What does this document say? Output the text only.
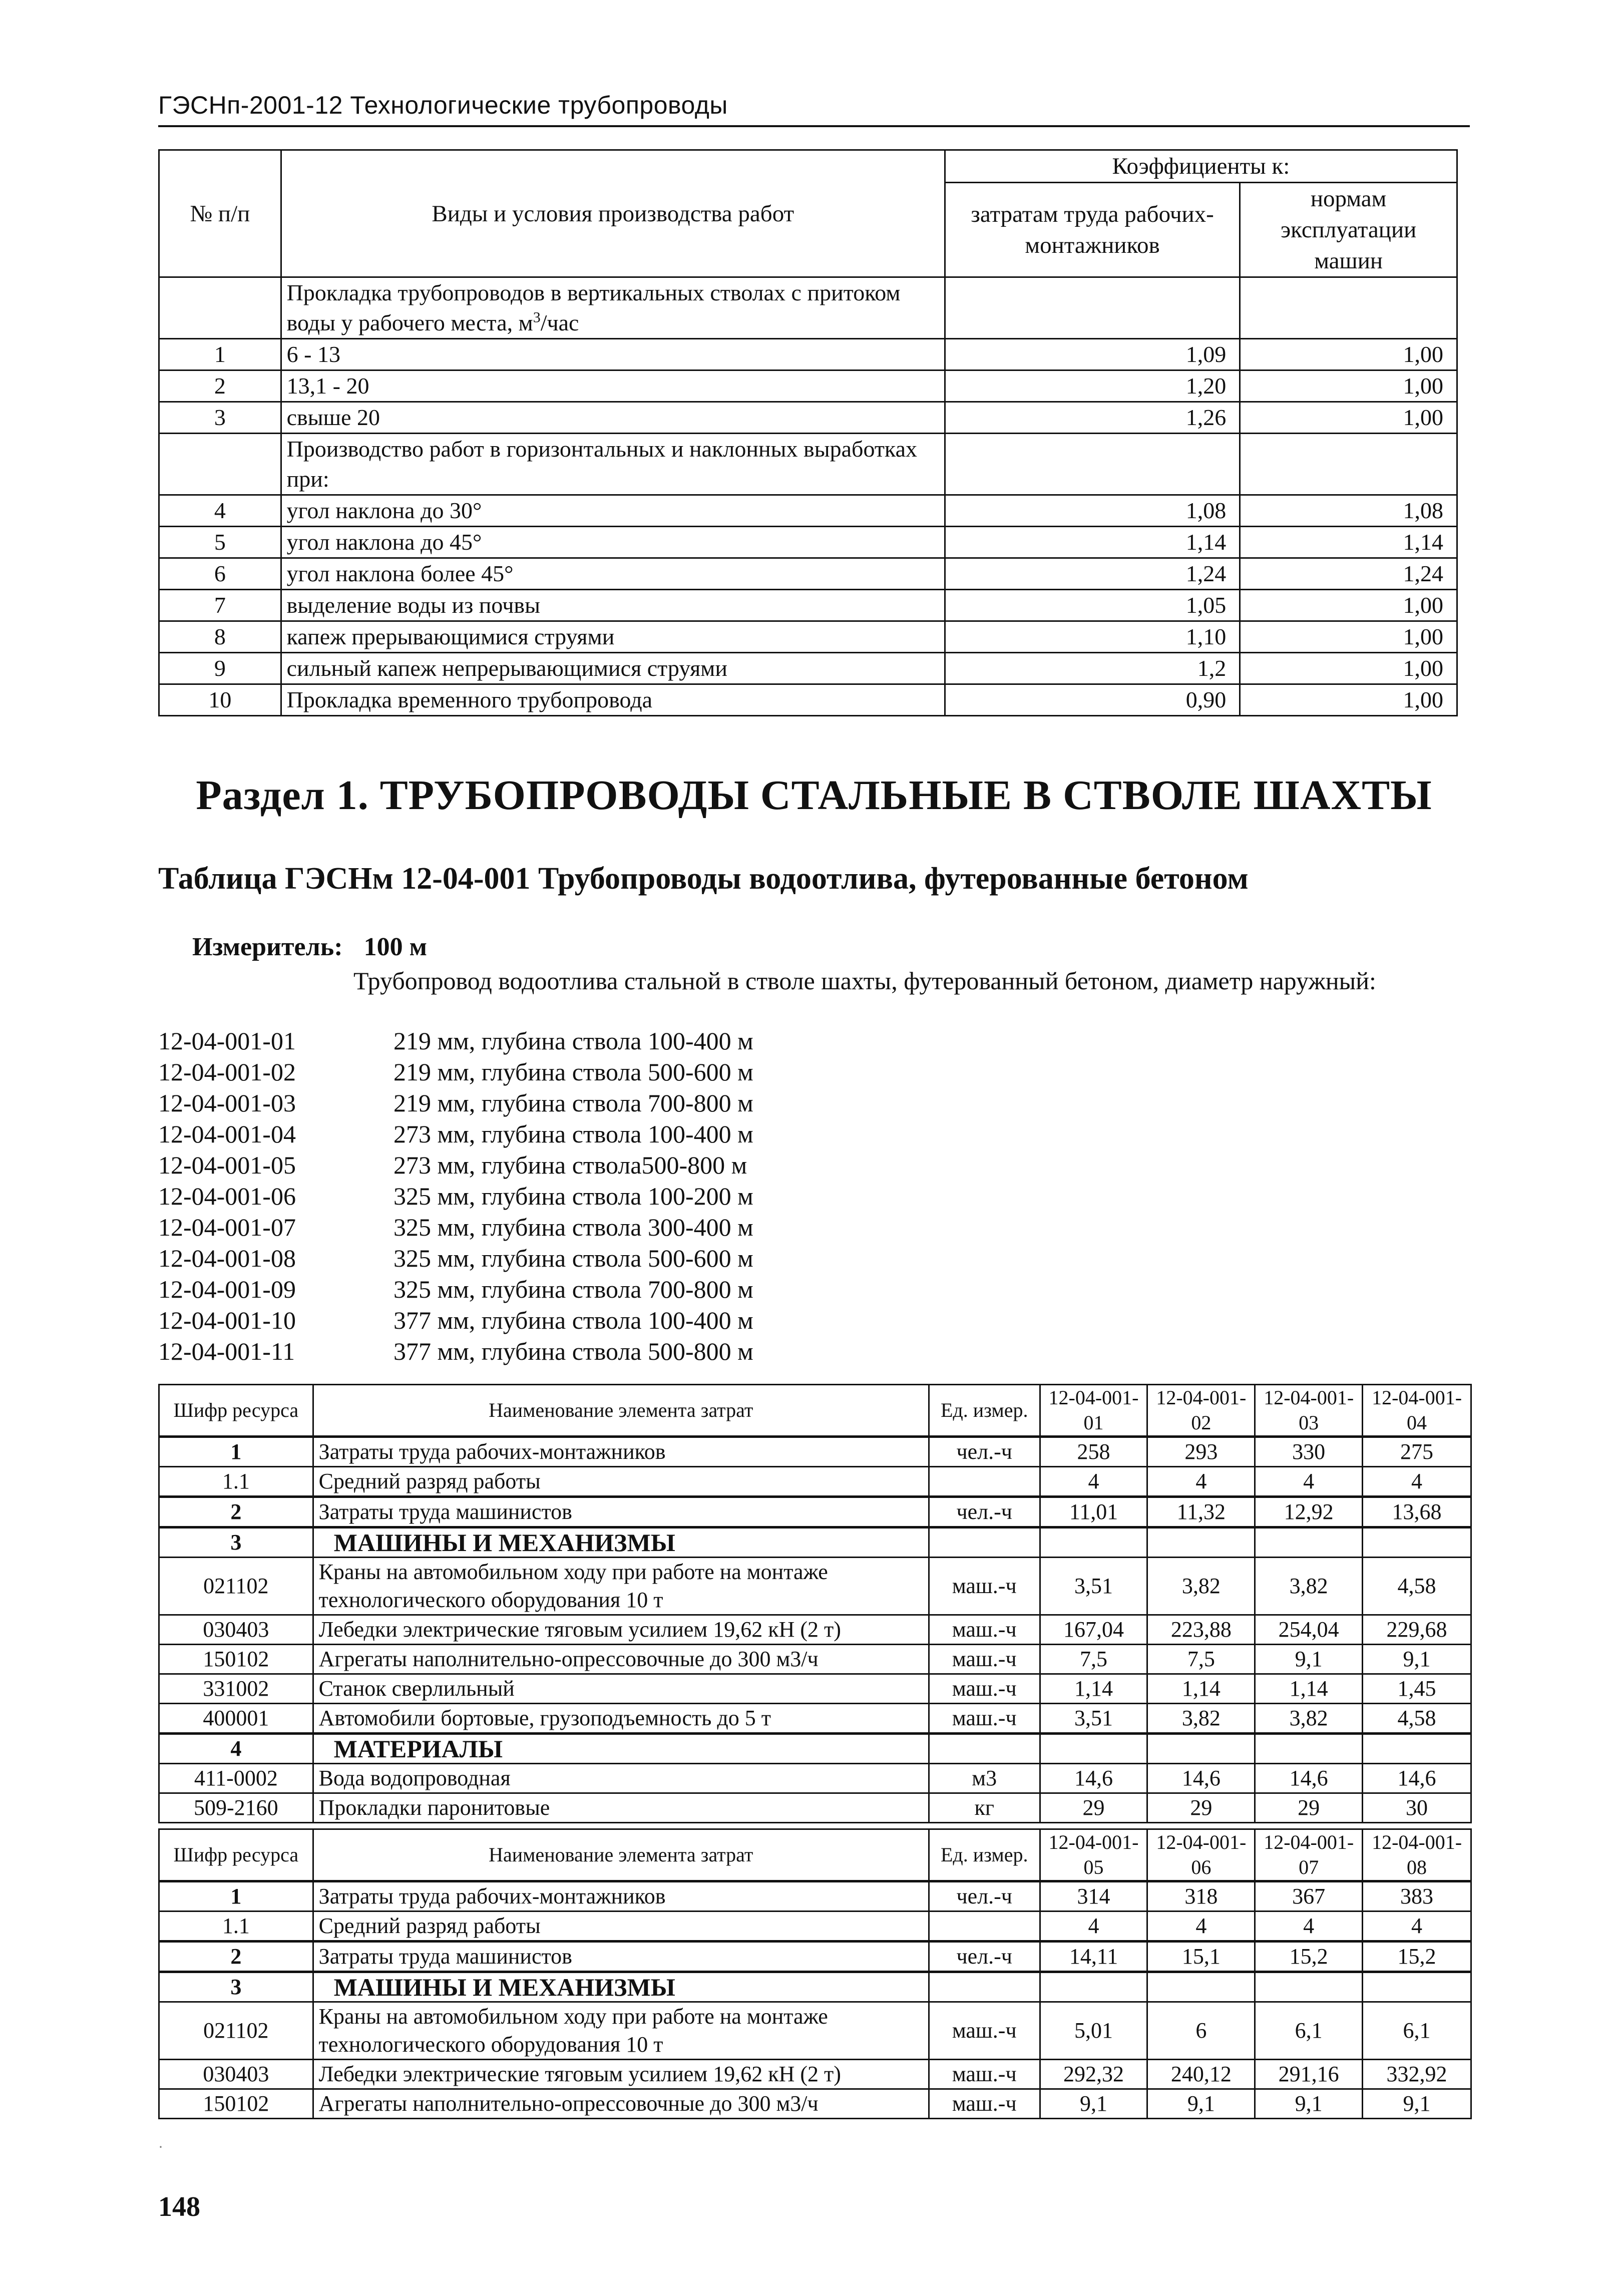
ГЭСНп-2001-12 Технологические трубопроводы
№ п/п	Виды и условия производства работ	Коэффициенты к:	
		затратам труда рабочих-монтажников	нормам эксплуатации машин
	Прокладка трубопроводов в вертикальных стволах с притоком воды у рабочего места, $м^3$/час		
1	6 - 13	1,09	1,00
2	13,1 - 20	1,20	1,00
3	свыше 20	1,26	1,00
	Производство работ в горизонтальных и наклонных выработках при:		
4	угол наклона до 30°	1,08	1,08
5	угол наклона до 45°	1,14	1,14
6	угол наклона более 45°	1,24	1,24
7	выделение воды из почвы	1,05	1,00
8	капеж прерывающимися струями	1,10	1,00
9	сильный капеж непрерывающимися струями	1,2	1,00
10	Прокладка временного трубопровода	0,90	1,00
Раздел 1. ТРУБОПРОВОДЫ СТАЛЬНЫЕ В СТВОЛЕ ШАХТЫ
Таблица ГЭСНм 12-04-001 Трубопроводы водоотлива, футерованные бетоном
Измеритель: 100 м
Трубопровод водоотлива стальной в стволе шахты, футерованный бетоном, диаметр наружный:
12-04-001-01	219 мм, глубина ствола 100-400 м
12-04-001-02	219 мм, глубина ствола 500-600 м
12-04-001-03	219 мм, глубина ствола 700-800 м
12-04-001-04	273 мм, глубина ствола 100-400 м
12-04-001-05	273 мм, глубина ствола500-800 м
12-04-001-06	325 мм, глубина ствола 100-200 м
12-04-001-07	325 мм, глубина ствола 300-400 м
12-04-001-08	325 мм, глубина ствола 500-600 м
12-04-001-09	325 мм, глубина ствола 700-800 м
12-04-001-10	377 мм, глубина ствола 100-400 м
12-04-001-11	377 мм, глубина ствола 500-800 м
Шифр ресурса	Наименование элемента затрат	Ед. измер.	12-04-001-01	12-04-001-02	12-04-001-03	12-04-001-04
1	Затраты труда рабочих-монтажников	чел.-ч	258	293	330	275
1.1	Средний разряд работы		4	4	4	4
2	Затраты труда машинистов	чел.-ч	11,01	11,32	12,92	13,68
3	МАШИНЫ И МЕХАНИЗМЫ					
021102	Краны на автомобильном ходу при работе на монтаже технологического оборудования 10 т	маш.-ч	3,51	3,82	3,82	4,58
030403	Лебедки электрические тяговым усилием 19,62 кН (2 т)	маш.-ч	167,04	223,88	254,04	229,68
150102	Агрегаты наполнительно-опрессовочные до 300 м3/ч	маш.-ч	7,5	7,5	9,1	9,1
331002	Станок сверлильный	маш.-ч	1,14	1,14	1,14	1,45
400001	Автомобили бортовые, грузоподъемность до 5 т	маш.-ч	3,51	3,82	3,82	4,58
4	МАТЕРИАЛЫ					
411-0002	Вода водопроводная	м3	14,6	14,6	14,6	14,6
509-2160	Прокладки паронитовые	кг	29	29	29	30
Шифр ресурса	Наименование элемента затрат	Ед. измер.	12-04-001-05	12-04-001-06	12-04-001-07	12-04-001-08
1	Затраты труда рабочих-монтажников	чел.-ч	314	318	367	383
1.1	Средний разряд работы		4	4	4	4
2	Затраты труда машинистов	чел.-ч	14,11	15,1	15,2	15,2
3	МАШИНЫ И МЕХАНИЗМЫ					
021102	Краны на автомобильном ходу при работе на монтаже технологического оборудования 10 т	маш.-ч	5,01	6	6,1	6,1
030403	Лебедки электрические тяговым усилием 19,62 кН (2 т)	маш.-ч	292,32	240,12	291,16	332,92
150102	Агрегаты наполнительно-опрессовочные до 300 м3/ч	маш.-ч	9,1	9,1	9,1	9,1
·
148
